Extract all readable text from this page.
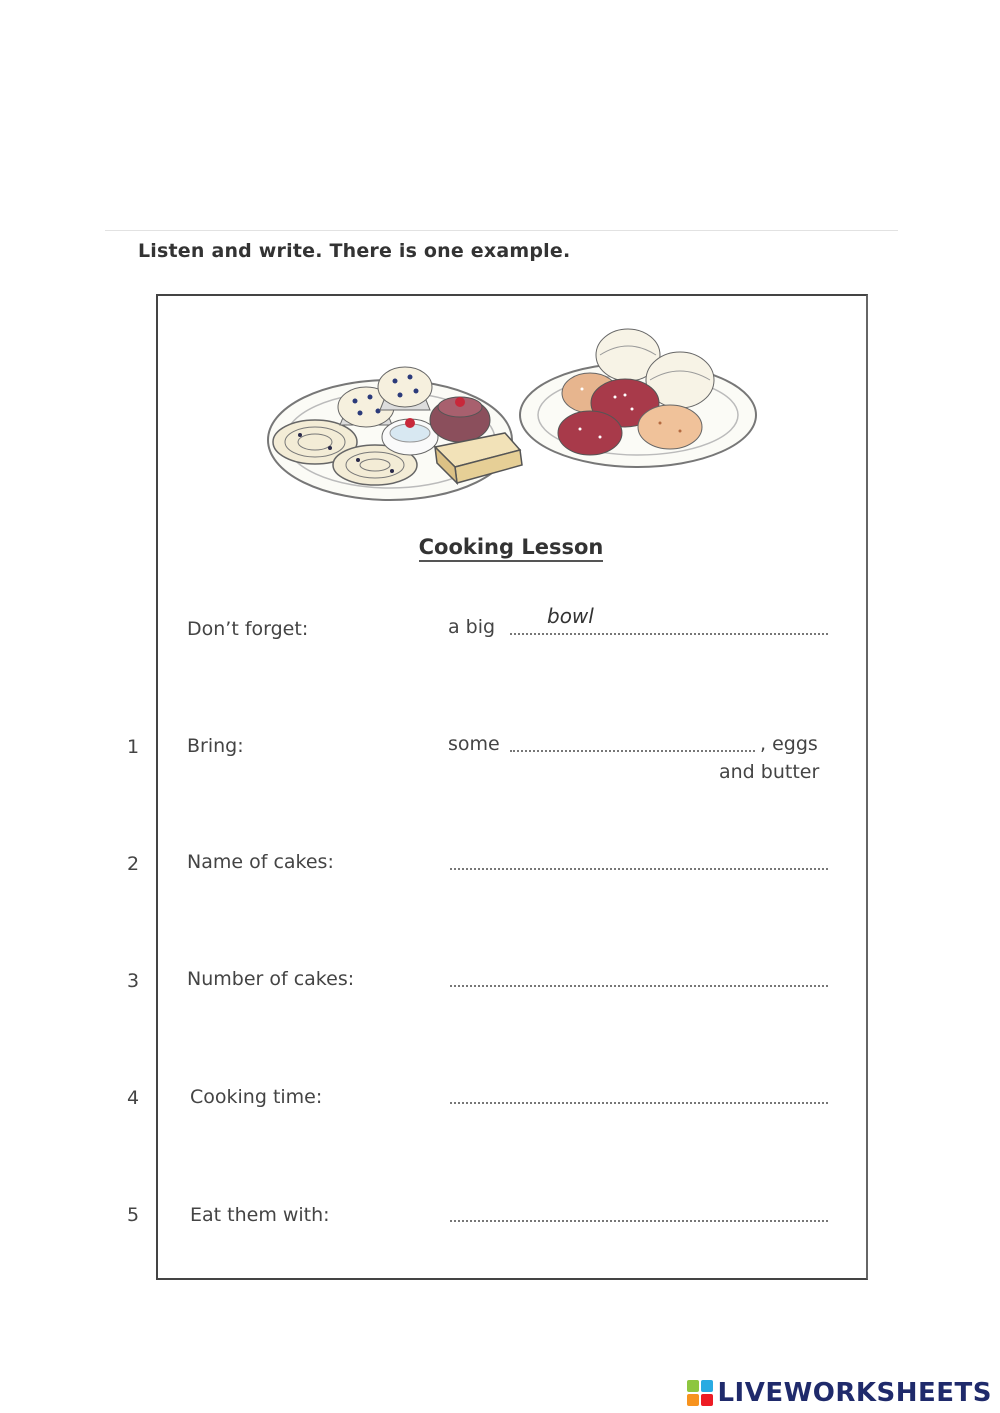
Listen and write. There is one example.
Cooking Lesson
Don’t forget:	a big	bowl
1	Bring:	some	, eggs
and butter
2	Name of cakes:
3	Number of cakes:
4	Cooking time:
5	Eat them with:
LIVEWORKSHEETS
